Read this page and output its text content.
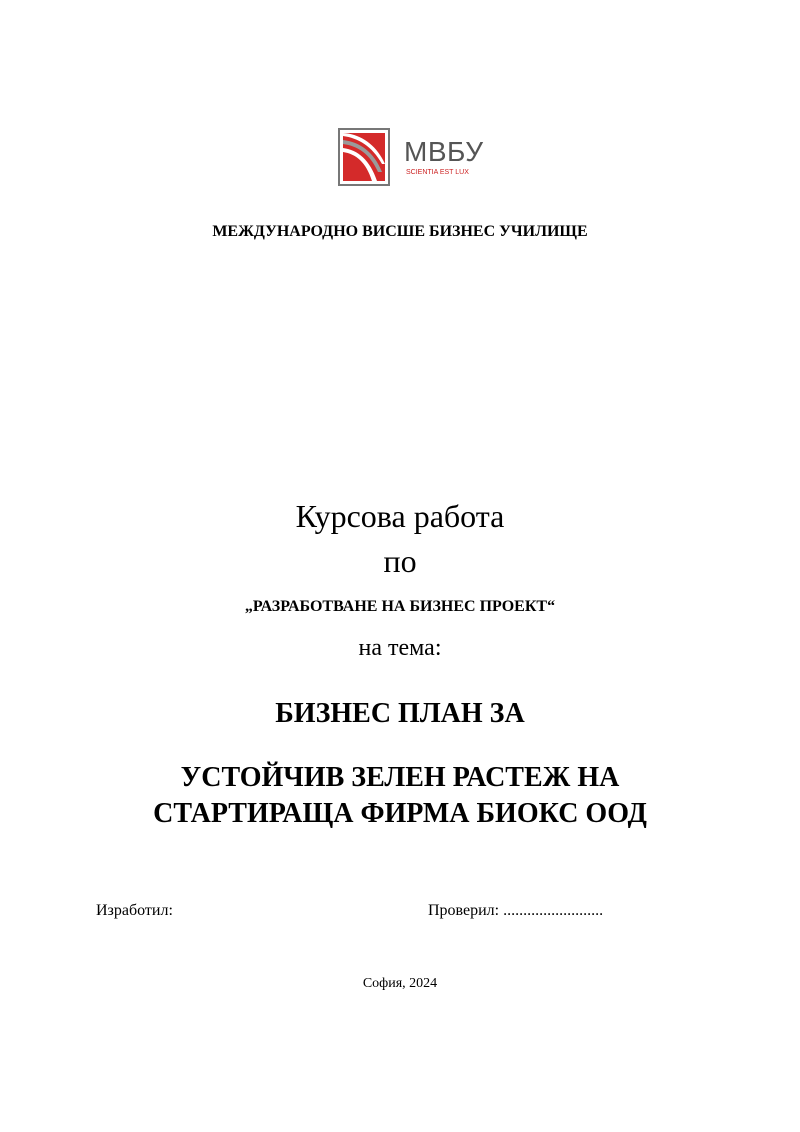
МВБУ
SCIENTIA EST LUX
МЕЖДУНАРОДНО ВИСШЕ БИЗНЕС УЧИЛИЩЕ
Курсова работа
по
„РАЗРАБОТВАНЕ НА БИЗНЕС ПРОЕКТ“
на тема:
БИЗНЕС ПЛАН ЗА
УСТОЙЧИВ ЗЕЛЕН РАСТЕЖ НА
СТАРТИРАЩА ФИРМА БИОКС ООД
Изработил:	Проверил: .........................
София, 2024
